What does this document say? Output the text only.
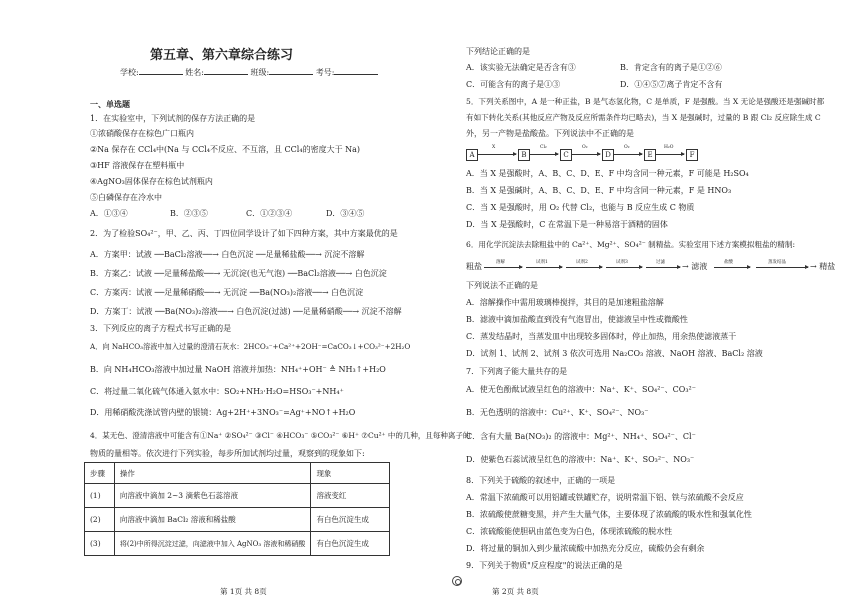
第五章、第六章综合练习
学校:	姓名:	班级:	考号:
一、单选题
1．在实验室中，下列试剂的保存方法正确的是
①浓硝酸保存在棕色广口瓶内
②Na 保存在 CCl₄中(Na 与 CCl₄不反应、不互溶，且 CCl₄的密度大于 Na)
③HF 溶液保存在塑料瓶中
④AgNO₃固体保存在棕色试剂瓶内
⑤白磷保存在冷水中
A．①③④	B．②③⑤	C．①②③④	D．③④⑤
2．为了检验SO₄²⁻，甲、乙、丙、丁四位同学设计了如下四种方案，其中方案最优的是
A．方案甲：试液 ──BaCl₂溶液──→ 白色沉淀 ──足量稀盐酸──→ 沉淀不溶解
B．方案乙：试液 ──足量稀盐酸──→ 无沉淀(也无气泡) ──BaCl₂溶液──→ 白色沉淀
C．方案丙：试液 ──足量稀硝酸──→ 无沉淀 ──Ba(NO₃)₂溶液──→ 白色沉淀
D．方案丁：试液 ──Ba(NO₃)₂溶液──→ 白色沉淀(过滤) ──足量稀硝酸──→ 沉淀不溶解
3．下列反应的离子方程式书写正确的是
A．向 NaHCO₃溶液中加入过量的澄清石灰水：2HCO₃⁻+Ca²⁺+2OH⁻=CaCO₃↓+CO₃²⁻+2H₂O
B．向 NH₄HCO₃溶液中加过量 NaOH 溶液并加热：NH₄⁺+OH⁻ ≜ NH₃↑+H₂O
C．将过量二氧化硫气体通入氨水中：SO₂+NH₃·H₂O=HSO₃⁻+NH₄⁺
D．用稀硝酸洗涤试管内壁的银镜：Ag+2H⁺+3NO₃⁻=Ag⁺+NO↑+H₂O
4．某无色、澄清溶液中可能含有①Na⁺ ②SO₄²⁻ ③Cl⁻ ④HCO₃⁻ ⑤CO₃²⁻ ⑥H⁺ ⑦Cu²⁺ 中的几种，且每种离子的
物质的量相等。依次进行下列实验，每步所加试剂均过量，观察到的现象如下:
步骤	操作	现象
(1)	向溶液中滴加 2~3 滴紫色石蕊溶液	溶液变红
(2)	向溶液中滴加 BaCl₂ 溶液和稀盐酸	有白色沉淀生成
(3)	将(2)中所得沉淀过滤，向滤液中加入 AgNO₃ 溶液和稀硝酸	有白色沉淀生成
第 1页 共 8页
下列结论正确的是
A．该实验无法确定是否含有③	B．肯定含有的离子是①②⑥
C．可能含有的离子是①③	D．①④⑤⑦离子肯定不含有
5．下列关系图中，A 是一种正盐，B 是气态氢化物，C 是单质，F 是强酸。当 X 无论是强酸还是强碱时都
有如下转化关系(其他反应产物及反应所需条件均已略去)，当 X 是强碱时，过量的 B 跟 Cl₂ 反应除生成 C
外，另一产物是盐酸盐。下列说法中不正确的是
A
X
B
Cl₂
C
O₂
D
O₂
E
H₂O
F
A．当 X 是强酸时，A、B、C、D、E、F 中均含同一种元素，F 可能是 H₂SO₄
B．当 X 是强碱时，A、B、C、D、E、F 中均含同一种元素，F 是 HNO₃
C．当 X 是强酸时，用 O₂ 代替 Cl₂，也能与 B 反应生成 C 物质
D．当 X 是强酸时，C 在常温下是一种易溶于酒精的固体
6．用化学沉淀法去除粗盐中的 Ca²⁺、Mg²⁺、SO₄²⁻ 制精盐。实验室用下述方案模拟粗盐的精制:
粗盐	溶解	试剂1	试剂2	试剂3	过滤 → 滤液	盐酸	蒸发结晶	→ 精盐
下列说法不正确的是
A．溶解操作中需用玻璃棒搅拌，其目的是加速粗盐溶解
B．滤液中滴加盐酸直到没有气泡冒出，使滤液呈中性或微酸性
C．蒸发结晶时，当蒸发皿中出现较多固体时，停止加热，用余热使滤液蒸干
D．试剂 1、试剂 2、试剂 3 依次可选用 Na₂CO₃ 溶液、NaOH 溶液、BaCl₂ 溶液
7．下列离子能大量共存的是
A．使无色酚酞试液呈红色的溶液中：Na⁺、K⁺、SO₄²⁻、CO₃²⁻
B．无色透明的溶液中：Cu²⁺、K⁺、SO₄²⁻、NO₃⁻
C．含有大量 Ba(NO₃)₂ 的溶液中：Mg²⁺、NH₄⁺、SO₄²⁻、Cl⁻
D．使紫色石蕊试液呈红色的溶液中：Na⁺、K⁺、SO₃²⁻、NO₃⁻
8．下列关于硫酸的叙述中，正确的一项是
A．常温下浓硫酸可以用铝罐或铁罐贮存，说明常温下铝、铁与浓硫酸不会反应
B．浓硫酸使蔗糖变黑，并产生大量气体，主要体现了浓硫酸的吸水性和强氧化性
C．浓硫酸能使胆矾由蓝色变为白色，体现浓硫酸的脱水性
D．将过量的铜加入到少量浓硫酸中加热充分反应，硫酸仍会有剩余
9．下列关于物质"反应程度"的说法正确的是
第 2页 共 8页
